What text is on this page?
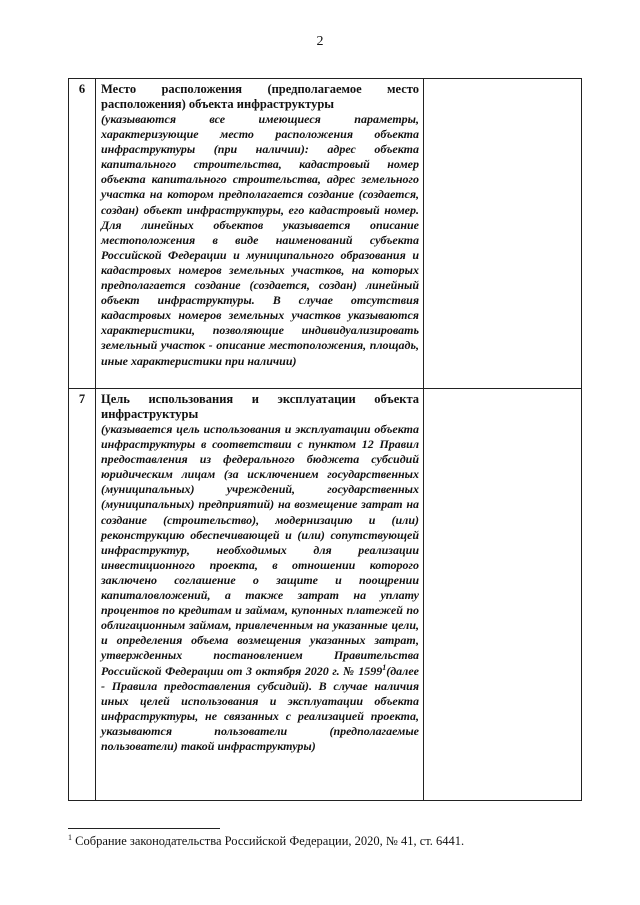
2
6	Место расположения (предполагаемое место расположения) объекта инфраструктуры
(указываются все имеющиеся параметры, характеризующие место расположения объекта инфраструктуры (при наличии): адрес объекта капитального строительства, кадастровый номер объекта капитального строительства, адрес земельного участка на котором предполагается создание (создается, создан) объект инфраструктуры, его кадастровый номер. Для линейных объектов указывается описание местоположения в виде наименований субъекта Российской Федерации и муниципального образования и кадастровых номеров земельных участков, на которых предполагается создание (создается, создан) линейный объект инфраструктуры. В случае отсутствия кадастровых номеров земельных участков указываются характеристики, позволяющие индивидуализировать земельный участок - описание местоположения, площадь, иные характеристики при наличии)	

7	Цель использования и эксплуатации объекта инфраструктуры
(указывается цель использования и эксплуатации объекта инфраструктуры в соответствии с пунктом 12 Правил предоставления из федерального бюджета субсидий юридическим лицам (за исключением государственных (муниципальных) учреждений, государственных (муниципальных) предприятий) на возмещение затрат на создание (строительство), модернизацию и (или) реконструкцию обеспечивающей и (или) сопутствующей инфраструктур, необходимых для реализации инвестиционного проекта, в отношении которого заключено соглашение о защите и поощрении капиталовложений, а также затрат на уплату процентов по кредитам и займам, купонных платежей по облигационным займам, привлеченным на указанные цели, и определения объема возмещения указанных затрат, утвержденных постановлением Правительства Российской Федерации от 3 октября 2020 г. № 1599$^1$(далее - Правила предоставления субсидий). В случае наличия иных целей использования и эксплуатации объекта инфраструктуры, не связанных с реализацией проекта, указываются пользователи (предполагаемые пользователи) такой инфраструктуры)	

$^1$ Собрание законодательства Российской Федерации, 2020, № 41, ст. 6441.
